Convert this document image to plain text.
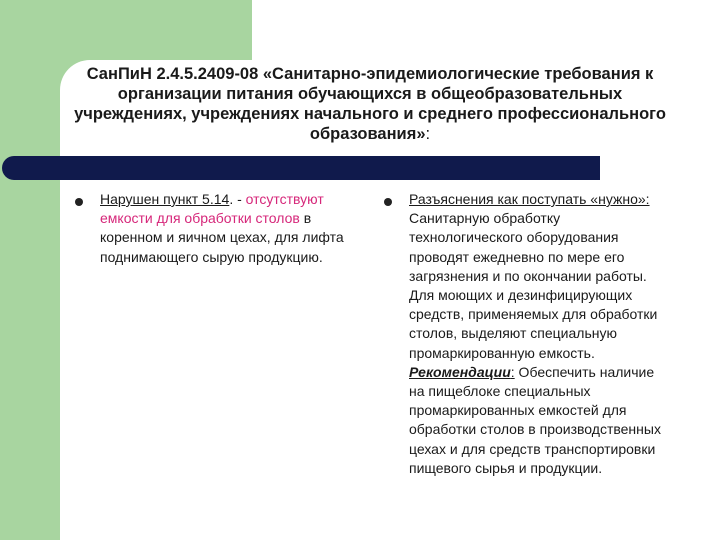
СанПиН 2.4.5.2409-08 «Санитарно-эпидемиологические требования к организации питания обучающихся в общеобразовательных учреждениях, учреждениях начального и среднего профессионального образования»:
Нарушен пункт 5.14. - отсутствуют емкости для обработки столов в коренном и яичном цехах, для лифта поднимающего сырую продукцию.
Разъяснения как поступать «нужно»: Санитарную обработку технологического оборудования проводят ежедневно по мере его загрязнения и по окончании работы. Для моющих и дезинфицирующих средств, применяемых для обработки столов, выделяют специальную промаркированную емкость. Рекомендации: Обеспечить наличие на пищеблоке специальных промаркированных емкостей для обработки столов в производственных цехах и для средств транспортировки пищевого сырья и продукции.
